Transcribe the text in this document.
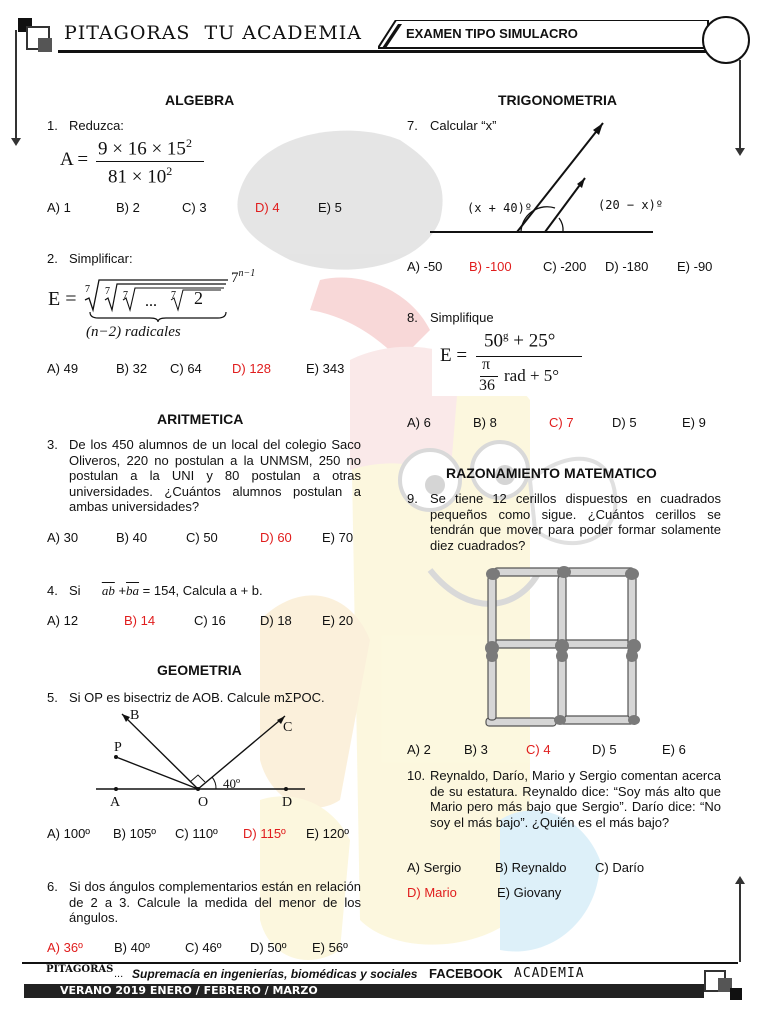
PITAGORAS  TU ACADEMIA	EXAMEN TIPO SIMULACRO
ALGEBRA
1. Reduzca:
A =
$9 \times 16 \times 15^2$
$81 \times 10^2$
A) 1	B) 2	C) 3	D) 4	E) 5
2. Simplificar:
E =	...
7 7 7	7 2
$7^{n-1}$
(n−2) radicales
A) 49	B) 32 C) 64 D) 128	E) 343
ARITMETICA
3. De los 450 alumnos de un local del colegio Saco Oliveros, 220 no postulan a la UNMSM, 250 no postulan a la UNI y 80 postulan a otras universidades. ¿Cuántos alumnos postulan a ambas universidades?
A) 30	B) 40	C) 50	D) 60 E) 70
4. Si $\overline{ab} +\overline{ba} = 154$, Calcula a + b.
A) 12	B) 14	C) 16	D) 18 E) 20
GEOMETRIA
5. Si OP es bisectriz de AOB. Calcule mΣPOC.
B
P
C
A	O	D
40º
A) 100º B) 105º C) 110º D) 115º E) 120º
6. Si dos ángulos complementarios están en relación de 2 a 3. Calcule la medida del menor de los ángulos.
A) 36º B) 40º	C) 46º D) 50º E) 56º
TRIGONOMETRIA
7. Calcular “x”
(x + 40)º	(20 − x)º
A) -50 B) -100 C) -200 D) -180 E) -90
8. Simplifique
E =
$50^g + 25^\circ$
π
36
rad + 5°
A) 6	B) 8	C) 7	D) 5	E) 9
RAZONAMIENTO MATEMATICO
9. Se tiene 12 cerillos dispuestos en cuadrados pequeños como sigue. ¿Cuántos cerillos se tendrán que mover para poder formar solamente diez cuadrados?
A) 2	B) 3	C) 4	D) 5	E) 6
10. Reynaldo, Darío, Mario y Sergio comentan acerca de su estatura. Reynaldo dice: “Soy más alto que Mario pero más bajo que Sergio”. Darío dice: “No soy el más bajo”. ¿Quién es el más bajo?
A) Sergio	B) Reynaldo C) Darío
D) Mario	E) Giovany
PITAGORAS ... Supremacía en ingenierías, biomédicas y sociales FACEBOOK ACADEMIA
VERANO 2019 ENERO / FEBRERO / MARZO
